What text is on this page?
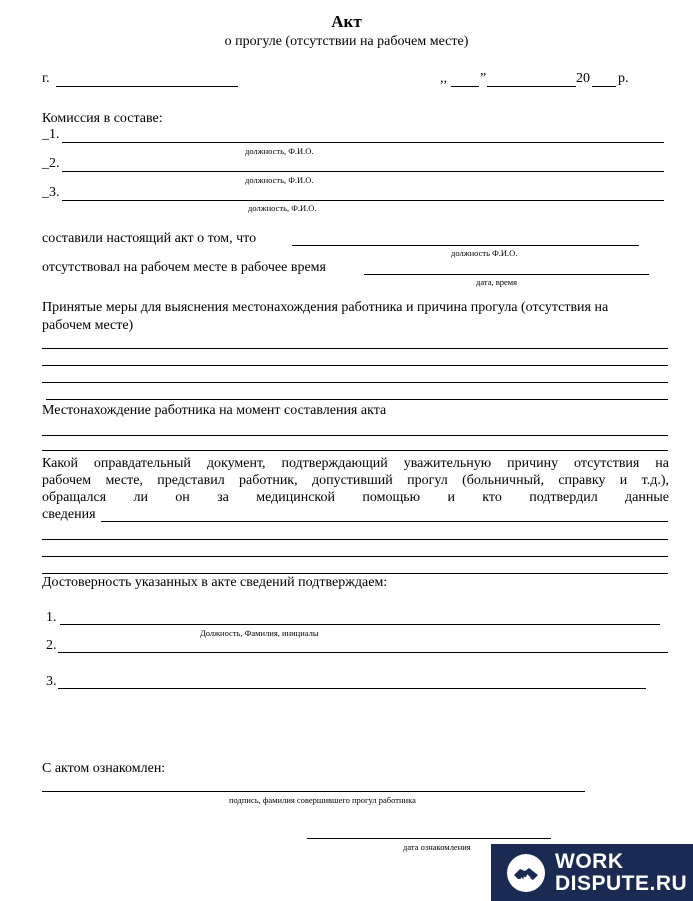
Акт
о прогуле (отсутствии на рабочем месте)
г.	,, ”	20 р.
Комиссия в составе:
_1.
должность, Ф.И.О.
_2.
должность, Ф.И.О.
_3.
должность, Ф.И.О.
составили настоящий акт о том, что
должность Ф.И.О.
отсутствовал на рабочем месте в рабочее время
дата, время
Принятые меры для выяснения местонахождения работника и причина прогула (отсутствия на
рабочем месте)
Местонахождение работника на момент составления акта
Какой оправдательный документ, подтверждающий уважительную причину отсутствия на
рабочем месте, представил работник, допустивший прогул (больничный, справку и т.д.),
обращался ли он за медицинской помощью и кто подтвердил данные
сведения
Достоверность указанных в акте сведений подтверждаем:
1.
Должность, Фамилия, инициалы
2.
3.
С актом ознакомлен:
подпись, фамилия совершившего прогул работника
дата ознакомления
WORK
DISPUTE.RU
